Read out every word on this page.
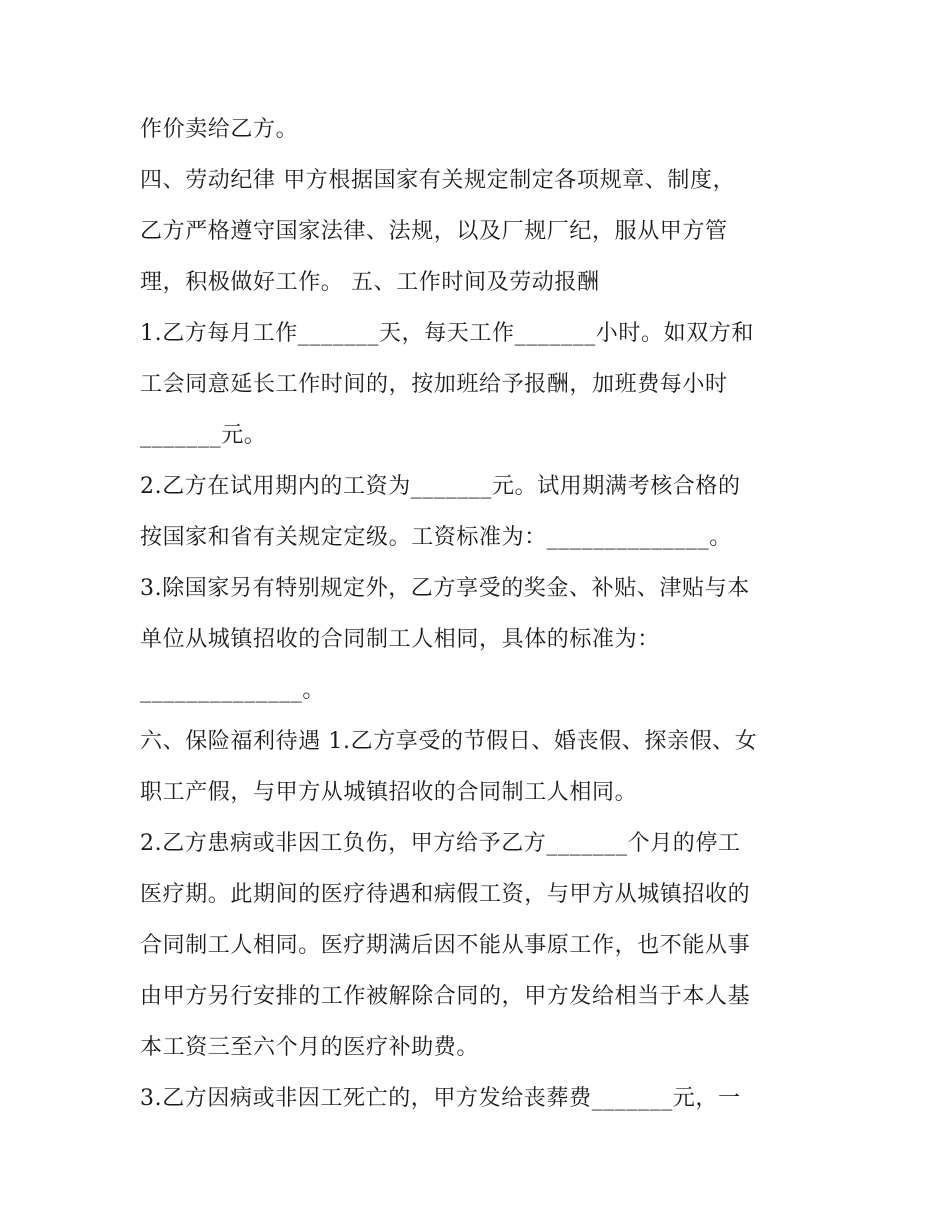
作价卖给乙方。
四、劳动纪律 甲方根据国家有关规定制定各项规章、制度，
乙方严格遵守国家法律、法规，以及厂规厂纪，服从甲方管
理，积极做好工作。 五、工作时间及劳动报酬
1.乙方每月工作_______天，每天工作_______小时。如双方和
工会同意延长工作时间的，按加班给予报酬，加班费每小时
_______元。
2.乙方在试用期内的工资为_______元。试用期满考核合格的
按国家和省有关规定定级。工资标准为：______________。
3.除国家另有特别规定外，乙方享受的奖金、补贴、津贴与本
单位从城镇招收的合同制工人相同，具体的标准为：
______________。
六、保险福利待遇 1.乙方享受的节假日、婚丧假、探亲假、女
职工产假，与甲方从城镇招收的合同制工人相同。
2.乙方患病或非因工负伤，甲方给予乙方_______个月的停工
医疗期。此期间的医疗待遇和病假工资，与甲方从城镇招收的
合同制工人相同。医疗期满后因不能从事原工作，也不能从事
由甲方另行安排的工作被解除合同的，甲方发给相当于本人基
本工资三至六个月的医疗补助费。
3.乙方因病或非因工死亡的，甲方发给丧葬费_______元，一
